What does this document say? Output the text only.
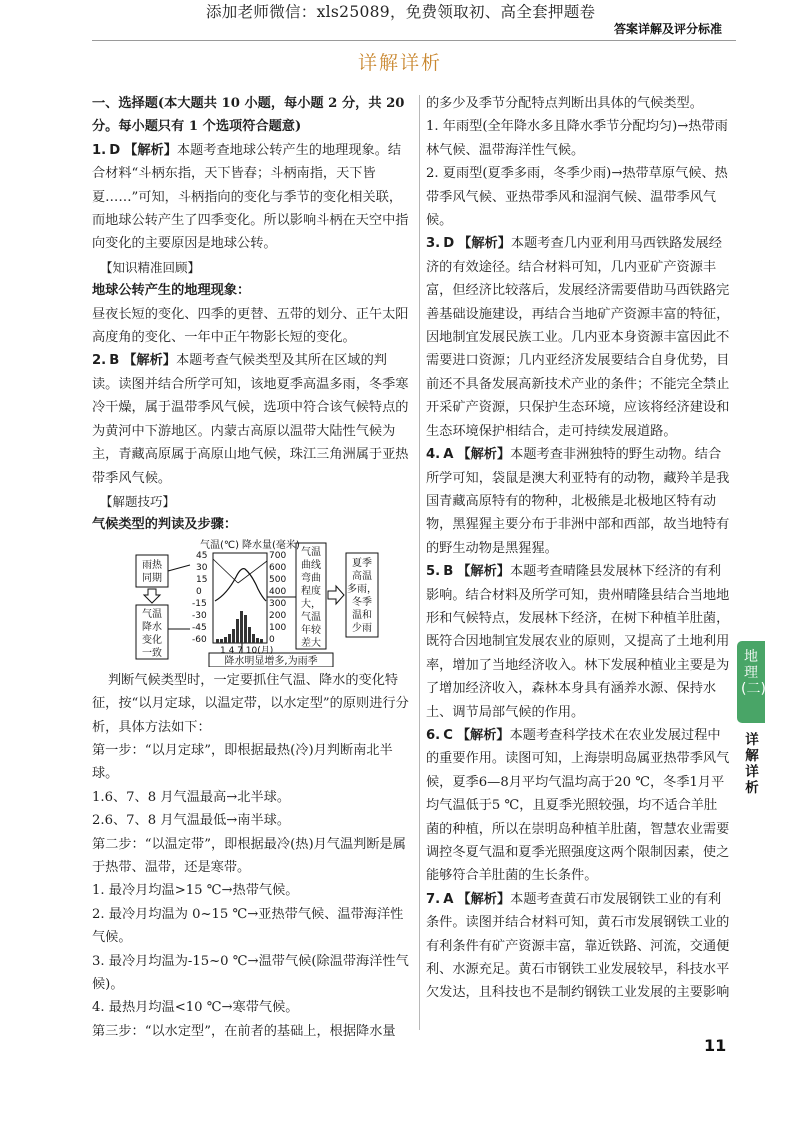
添加老师微信：xls25089，免费领取初、高全套押题卷
答案详解及评分标准
详解详析

一、选择题(本大题共 10 小题，每小题 2 分，共 20 分。每小题只有 1 个选项符合题意)

1. D 【解析】本题考查地球公转产生的地理现象。结合材料“斗柄东指，天下皆春；斗柄南指，天下皆夏……”可知，斗柄指向的变化与季节的变化相关联，而地球公转产生了四季变化。所以影响斗柄在天空中指向变化的主要原因是地球公转。

【知识精准回顾】

地球公转产生的地理现象：

昼夜长短的变化、四季的更替、五带的划分、正午太阳高度角的变化、一年中正午物影长短的变化。

2. B 【解析】本题考查气候类型及其所在区域的判读。读图并结合所学可知，该地夏季高温多雨，冬季寒冷干燥，属于温带季风气候，选项中符合该气候特点的为黄河中下游地区。内蒙古高原以温带大陆性气候为主，青藏高原属于高原山地气候，珠江三角洲属于亚热带季风气候。

【解题技巧】

气候类型的判读及步骤：

雨热
同期
气温
降水
变化
一致
气温(℃) 降水量(毫米)
45
30
15
0
-15
-30
-45
-60
700
600
500
400
300
200
100
0
1 4 7 10(月)
降水明显增多,为雨季
气温
曲线
弯曲
程度
大，
气温
年较
差大
夏季
高温
多雨，
冬季
温和
少雨

判断气候类型时，一定要抓住气温、降水的变化特征，按“以月定球，以温定带，以水定型”的原则进行分析，具体方法如下：

第一步：“以月定球”，即根据最热(冷)月判断南北半球。

1.6、7、8 月气温最高→北半球。

2.6、7、8 月气温最低→南半球。

第二步：“以温定带”，即根据最冷(热)月气温判断是属于热带、温带，还是寒带。

1. 最冷月均温>15 ℃→热带气候。

2. 最冷月均温为 0~15 ℃→亚热带气候、温带海洋性气候。

3. 最冷月均温为-15~0 ℃→温带气候(除温带海洋性气候)。

4. 最热月均温<10 ℃→寒带气候。

第三步：“以水定型”，在前者的基础上，根据降水量

的多少及季节分配特点判断出具体的气候类型。

1. 年雨型(全年降水多且降水季节分配均匀)→热带雨林气候、温带海洋性气候。

2. 夏雨型(夏季多雨，冬季少雨)→热带草原气候、热带季风气候、亚热带季风和湿润气候、温带季风气候。

3. D 【解析】本题考查几内亚利用马西铁路发展经济的有效途径。结合材料可知，几内亚矿产资源丰富，但经济比较落后，发展经济需要借助马西铁路完善基础设施建设，再结合当地矿产资源丰富的特征，因地制宜发展民族工业。几内亚本身资源丰富因此不需要进口资源；几内亚经济发展要结合自身优势，目前还不具备发展高新技术产业的条件；不能完全禁止开采矿产资源，只保护生态环境，应该将经济建设和生态环境保护相结合，走可持续发展道路。

4. A 【解析】本题考查非洲独特的野生动物。结合所学可知，袋鼠是澳大利亚特有的动物，藏羚羊是我国青藏高原特有的物种，北极熊是北极地区特有动物，黑猩猩主要分布于非洲中部和西部，故当地特有的野生动物是黑猩猩。

5. B 【解析】本题考查晴隆县发展林下经济的有利影响。结合材料及所学可知，贵州晴隆县结合当地地形和气候特点，发展林下经济，在树下种植羊肚菌，既符合因地制宜发展农业的原则，又提高了土地利用率，增加了当地经济收入。林下发展种植业主要是为了增加经济收入，森林本身具有涵养水源、保持水土、调节局部气候的作用。

6. C 【解析】本题考查科学技术在农业发展过程中的重要作用。读图可知，上海崇明岛属亚热带季风气候，夏季6—8月平均气温均高于20 ℃，冬季1月平均气温低于5 ℃，且夏季光照较强，均不适合羊肚菌的种植，所以在崇明岛种植羊肚菌，智慧农业需要调控冬夏气温和夏季光照强度这两个限制因素，使之能够符合羊肚菌的生长条件。

7. A 【解析】本题考查黄石市发展钢铁工业的有利条件。读图并结合材料可知，黄石市发展钢铁工业的有利条件有矿产资源丰富，靠近铁路、河流，交通便利、水源充足。黄石市钢铁工业发展较早，科技水平欠发达，且科技也不是制约钢铁工业发展的主要影响

地理(二)
详解详析
11
